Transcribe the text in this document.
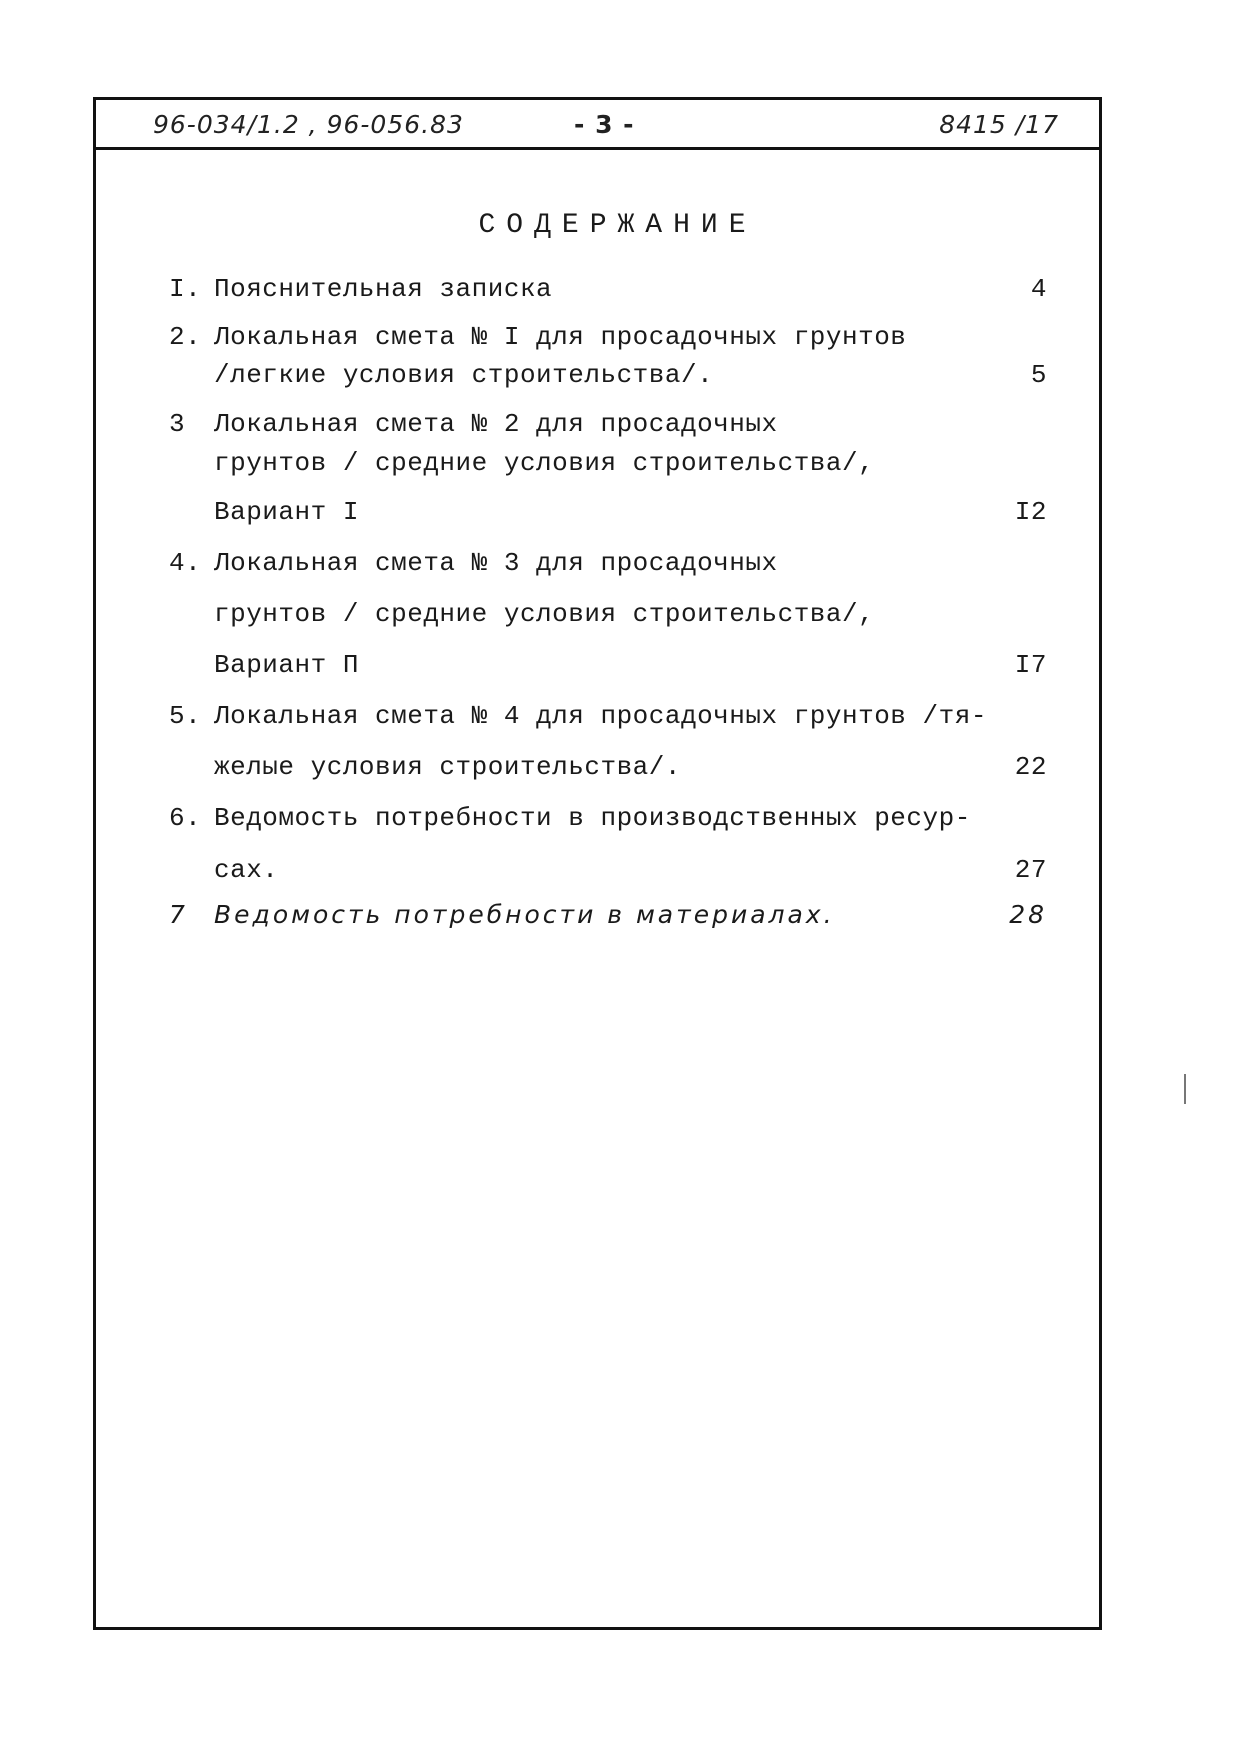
96-034/1.2 , 96-056.83	- 3 -	8415 /17
СОДЕРЖАНИЕ
I. Пояснительная записка	4
2. Локальная смета № I для просадочных грунтов
/легкие условия строительства/.	5
3 Локальная смета № 2 для просадочных
грунтов / средние условия строительства/,
Вариант I	I2
4. Локальная смета № 3 для просадочных
грунтов / средние условия строительства/,
Вариант П	I7
5. Локальная смета № 4 для просадочных грунтов /тя-
желые условия строительства/.	22
6. Ведомость потребности в производственных ресур-
сах.	27
7 Ведомость потребности в материалах.	28
